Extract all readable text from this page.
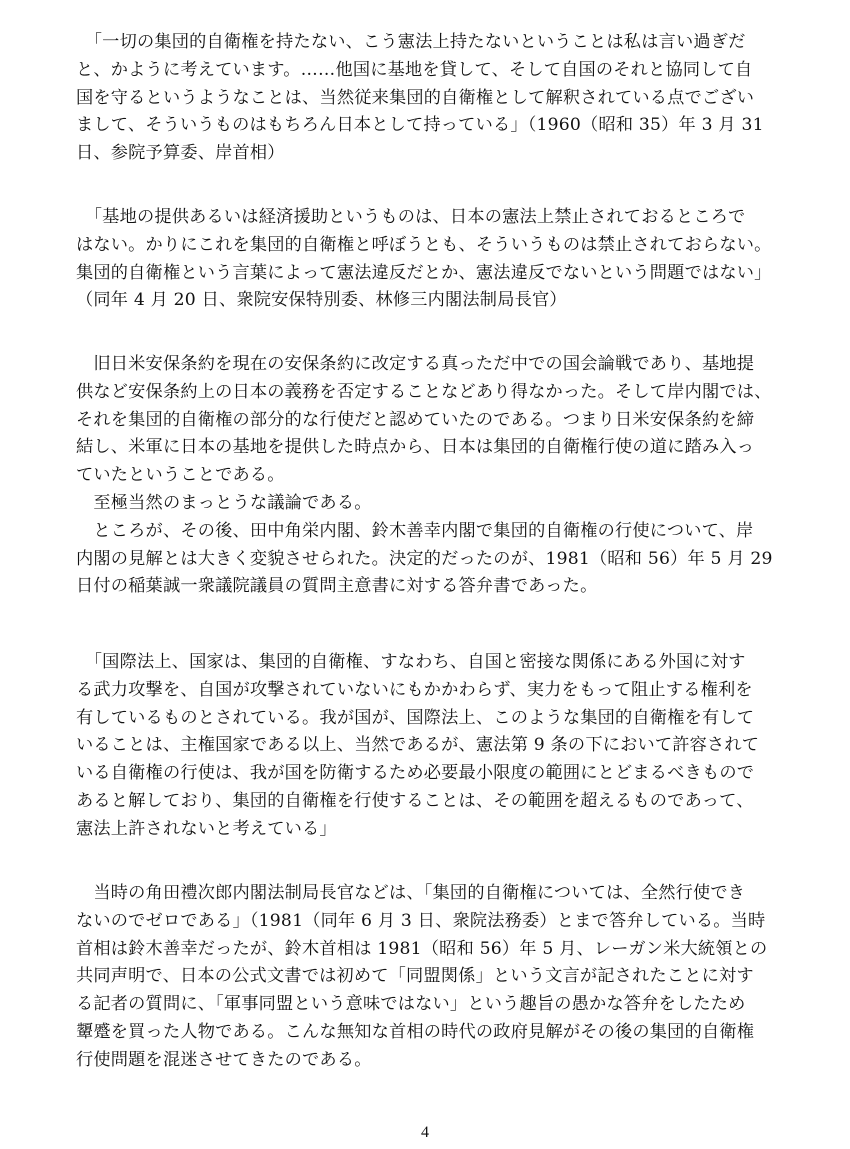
　「一切の集団的自衛権を持たない、こう憲法上持たないということは私は言い過ぎだ
と、かように考えています。……他国に基地を貸して、そして自国のそれと協同して自
国を守るというようなことは、当然従来集団的自衛権として解釈されている点でござい
まして、そういうものはもちろん日本として持っている」（1960（昭和 35）年 3 月 31
日、参院予算委、岸首相）
　「基地の提供あるいは経済援助というものは、日本の憲法上禁止されておるところで
はない。かりにこれを集団的自衛権と呼ぼうとも、そういうものは禁止されておらない。
集団的自衛権という言葉によって憲法違反だとか、憲法違反でないという問題ではない」
（同年 4 月 20 日、衆院安保特別委、林修三内閣法制局長官）
　旧日米安保条約を現在の安保条約に改定する真っただ中での国会論戦であり、基地提
供など安保条約上の日本の義務を否定することなどあり得なかった。そして岸内閣では、
それを集団的自衛権の部分的な行使だと認めていたのである。つまり日米安保条約を締
結し、米軍に日本の基地を提供した時点から、日本は集団的自衛権行使の道に踏み入っ
ていたということである。
　至極当然のまっとうな議論である。
　ところが、その後、田中角栄内閣、鈴木善幸内閣で集団的自衛権の行使について、岸
内閣の見解とは大きく変貌させられた。決定的だったのが、1981（昭和 56）年 5 月 29
日付の稲葉誠一衆議院議員の質問主意書に対する答弁書であった。
　「国際法上、国家は、集団的自衛権、すなわち、自国と密接な関係にある外国に対す
る武力攻撃を、自国が攻撃されていないにもかかわらず、実力をもって阻止する権利を
有しているものとされている。我が国が、国際法上、このような集団的自衛権を有して
いることは、主権国家である以上、当然であるが、憲法第 9 条の下において許容されて
いる自衛権の行使は、我が国を防衛するため必要最小限度の範囲にとどまるべきもので
あると解しており、集団的自衛権を行使することは、その範囲を超えるものであって、
憲法上許されないと考えている」
　当時の角田禮次郎内閣法制局長官などは、「集団的自衛権については、全然行使でき
ないのでゼロである」（1981（同年 6 月 3 日、衆院法務委）とまで答弁している。当時
首相は鈴木善幸だったが、鈴木首相は 1981（昭和 56）年 5 月、レーガン米大統領との
共同声明で、日本の公式文書では初めて「同盟関係」という文言が記されたことに対す
る記者の質問に、「軍事同盟という意味ではない」という趣旨の愚かな答弁をしたため
顰蹙を買った人物である。こんな無知な首相の時代の政府見解がその後の集団的自衛権
行使問題を混迷させてきたのである。
4
